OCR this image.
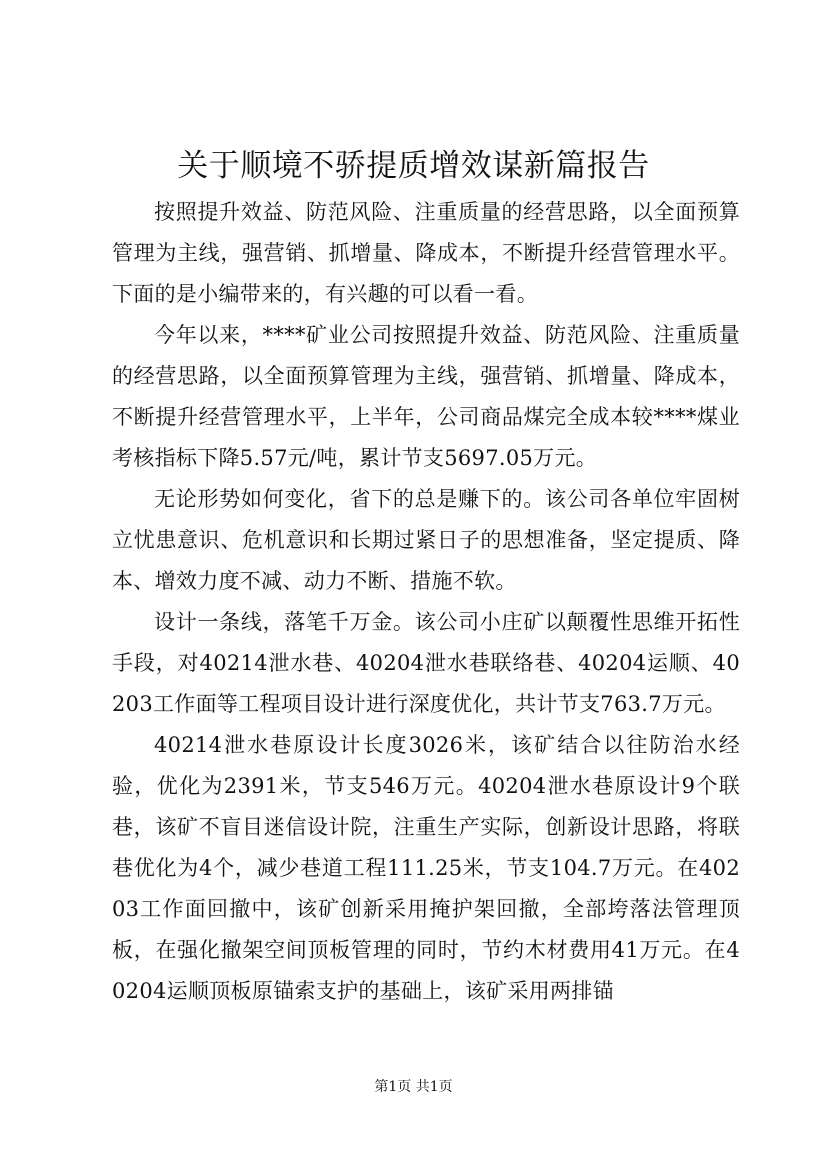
关于顺境不骄提质增效谋新篇报告

按照提升效益、防范风险、注重质量的经营思路，以全面预算管理为主线，强营销、抓增量、降成本，不断提升经营管理水平。下面的是小编带来的，有兴趣的可以看一看。

今年以来，****矿业公司按照提升效益、防范风险、注重质量的经营思路，以全面预算管理为主线，强营销、抓增量、降成本，不断提升经营管理水平，上半年，公司商品煤完全成本较****煤业考核指标下降5.57元/吨，累计节支5697.05万元。

无论形势如何变化，省下的总是赚下的。该公司各单位牢固树立忧患意识、危机意识和长期过紧日子的思想准备，坚定提质、降本、增效力度不减、动力不断、措施不软。

设计一条线，落笔千万金。该公司小庄矿以颠覆性思维开拓性手段，对40214泄水巷、40204泄水巷联络巷、40204运顺、40203工作面等工程项目设计进行深度优化，共计节支763.7万元。

40214泄水巷原设计长度3026米，该矿结合以往防治水经验，优化为2391米，节支546万元。40204泄水巷原设计9个联巷，该矿不盲目迷信设计院，注重生产实际，创新设计思路，将联巷优化为4个，减少巷道工程111.25米，节支104.7万元。在40203工作面回撤中，该矿创新采用掩护架回撤，全部垮落法管理顶板，在强化撤架空间顶板管理的同时，节约木材费用41万元。在40204运顺顶板原锚索支护的基础上，该矿采用两排锚

第1页 共1页
